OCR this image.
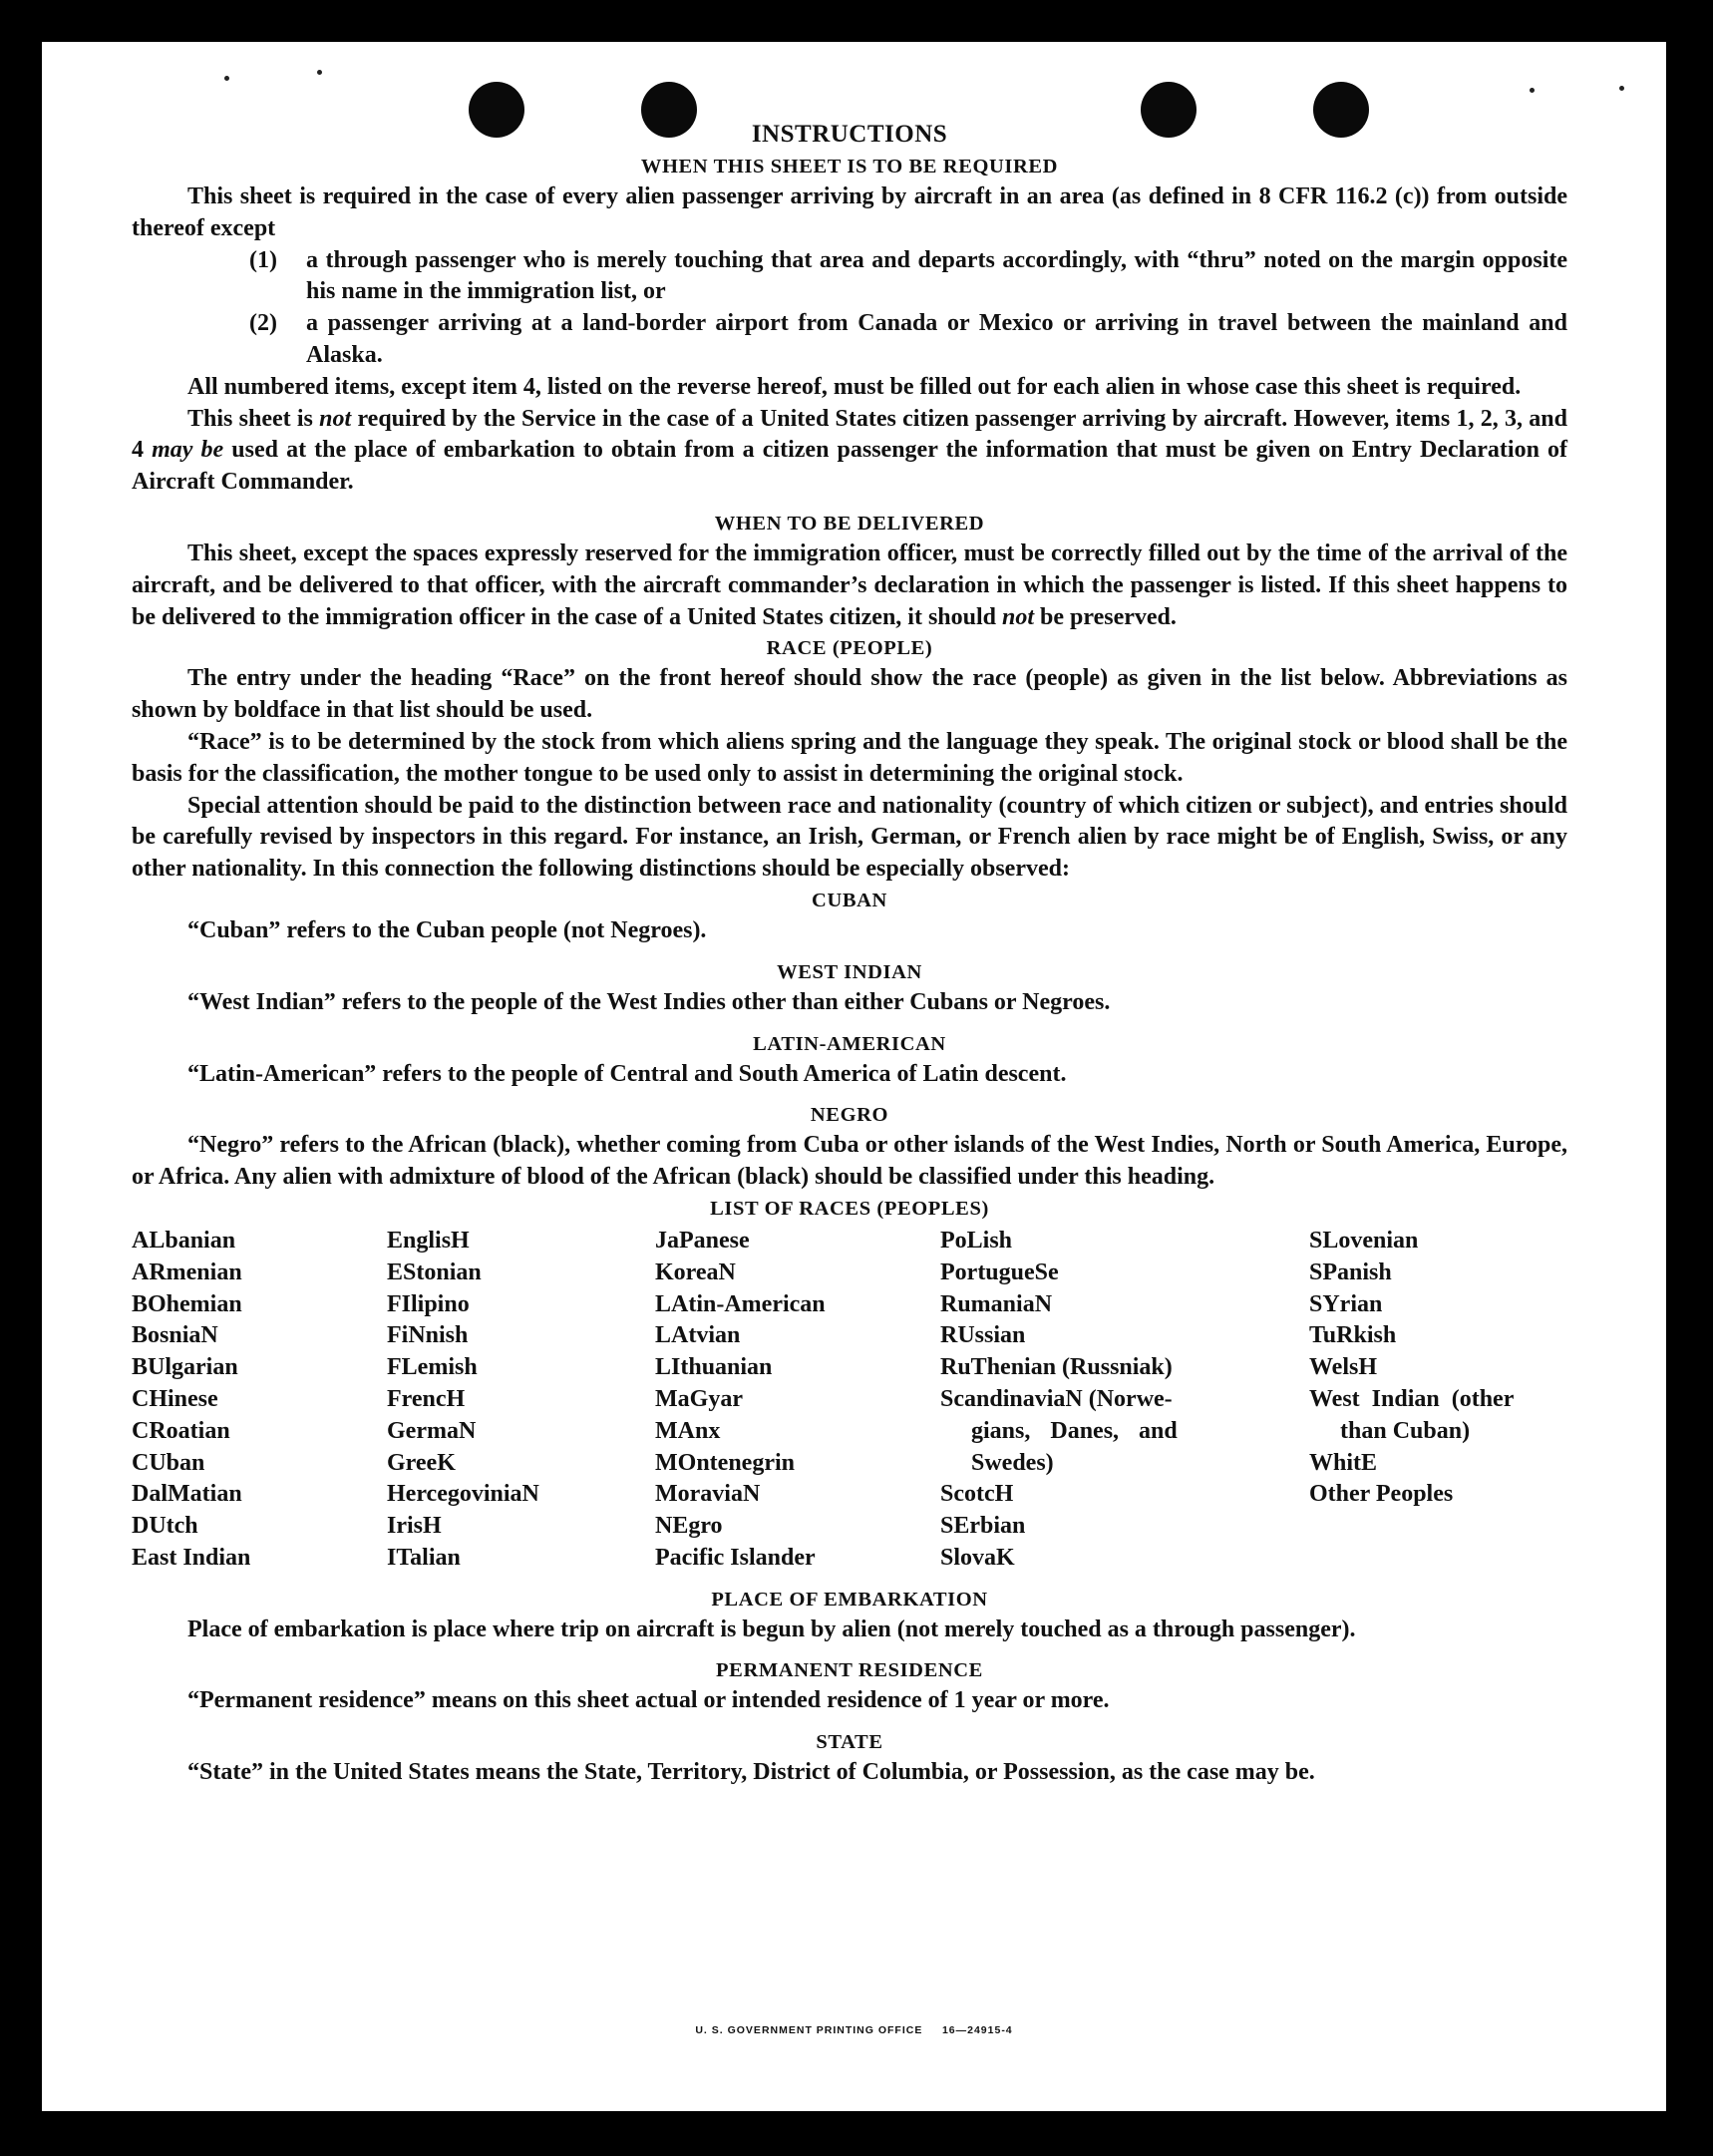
INSTRUCTIONS
WHEN THIS SHEET IS TO BE REQUIRED

This sheet is required in the case of every alien passenger arriving by aircraft in an area (as defined in 8 CFR 116.2 (c)) from outside thereof except

(1)	a through passenger who is merely touching that area and departs accordingly, with “thru” noted on the margin opposite his name in the immigration list, or
(2)	a passenger arriving at a land-border airport from Canada or Mexico or arriving in travel between the mainland and Alaska.

All numbered items, except item 4, listed on the reverse hereof, must be filled out for each alien in whose case this sheet is required.

This sheet is not required by the Service in the case of a United States citizen passenger arriving by aircraft. However, items 1, 2, 3, and 4 may be used at the place of embarkation to obtain from a citizen passenger the information that must be given on Entry Declaration of Aircraft Commander.

WHEN TO BE DELIVERED

This sheet, except the spaces expressly reserved for the immigration officer, must be correctly filled out by the time of the arrival of the aircraft, and be delivered to that officer, with the aircraft commander’s declaration in which the passenger is listed. If this sheet happens to be delivered to the immigration officer in the case of a United States citizen, it should not be preserved.

RACE (PEOPLE)

The entry under the heading “Race” on the front hereof should show the race (people) as given in the list below. Abbreviations as shown by boldface in that list should be used.

“Race” is to be determined by the stock from which aliens spring and the language they speak. The original stock or blood shall be the basis for the classification, the mother tongue to be used only to assist in determining the original stock.

Special attention should be paid to the distinction between race and nationality (country of which citizen or subject), and entries should be carefully revised by inspectors in this regard. For instance, an Irish, German, or French alien by race might be of English, Swiss, or any other nationality. In this connection the following distinctions should be especially observed:

CUBAN

“Cuban” refers to the Cuban people (not Negroes).

WEST INDIAN

“West Indian” refers to the people of the West Indies other than either Cubans or Negroes.

LATIN-AMERICAN

“Latin-American” refers to the people of Central and South America of Latin descent.

NEGRO

“Negro” refers to the African (black), whether coming from Cuba or other islands of the West Indies, North or South America, Europe, or Africa. Any alien with admixture of blood of the African (black) should be classified under this heading.

LIST OF RACES (PEOPLES)
ALbanian
ARmenian
BOhemian
BosniaN
BUlgarian
CHinese
CRoatian
CUban
DalMatian
DUtch
East Indian
EnglisH
EStonian
FIlipino
FiNnish
FLemish
FrencH
GermaN
GreeK
HercegoviniaN
IrisH
ITalian
JaPanese
KoreaN
LAtin-American
LAtvian
LIthuanian
MaGyar
MAnx
MOntenegrin
MoraviaN
NEgro
Pacific Islander
PoLish
PortugueSe
RumaniaN
RUssian
RuThenian (Russniak)
ScandinaviaN (Norwe-
gians, Danes, and
Swedes)
ScotcH
SErbian
SlovaK
SLovenian
SPanish
SYrian
TuRkish
WelsH
West Indian (other
than Cuban)
WhitE
Other Peoples
PLACE OF EMBARKATION

Place of embarkation is place where trip on aircraft is begun by alien (not merely touched as a through passenger).

PERMANENT RESIDENCE

“Permanent residence” means on this sheet actual or intended residence of 1 year or more.

STATE

“State” in the United States means the State, Territory, District of Columbia, or Possession, as the case may be.

U. S. GOVERNMENT PRINTING OFFICE     16—24915-4
